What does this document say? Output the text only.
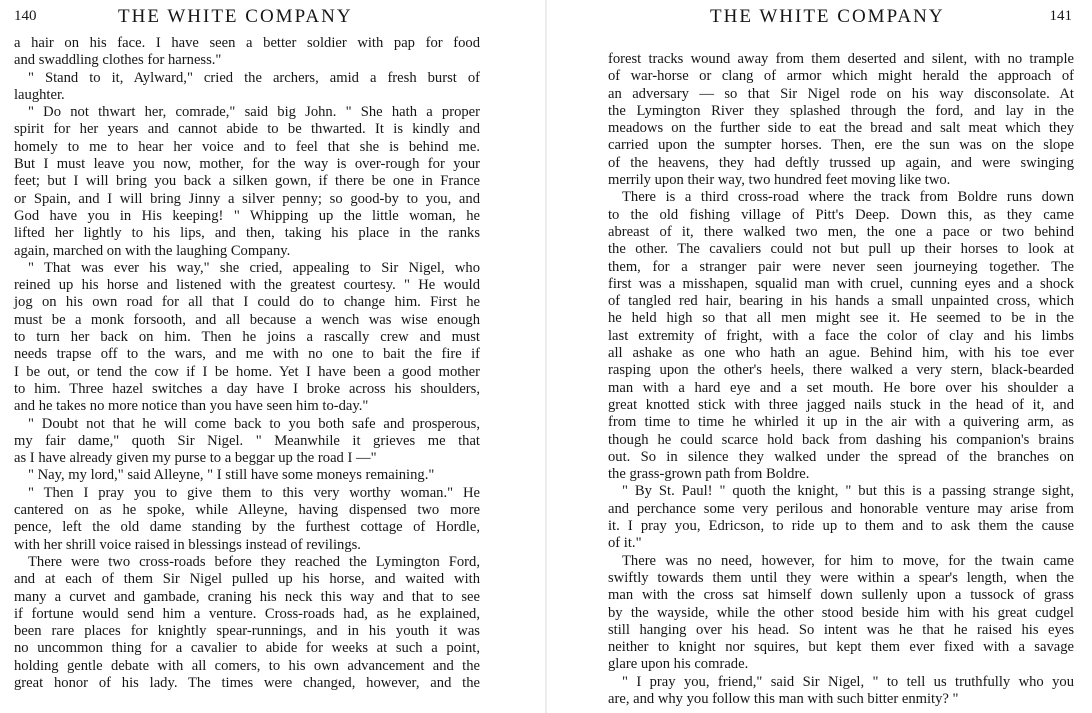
140	THE WHITE COMPANY
a hair on his face. I have seen a better soldier with pap for food
and swaddling clothes for harness."
" Stand to it, Aylward," cried the archers, amid a fresh burst of
laughter.
" Do not thwart her, comrade," said big John. " She hath a proper
spirit for her years and cannot abide to be thwarted. It is kindly and
homely to me to hear her voice and to feel that she is behind me.
But I must leave you now, mother, for the way is over-rough for your
feet; but I will bring you back a silken gown, if there be one in France
or Spain, and I will bring Jinny a silver penny; so good-by to you, and
God have you in His keeping! " Whipping up the little woman, he
lifted her lightly to his lips, and then, taking his place in the ranks
again, marched on with the laughing Company.
" That was ever his way," she cried, appealing to Sir Nigel, who
reined up his horse and listened with the greatest courtesy. " He would
jog on his own road for all that I could do to change him. First he
must be a monk forsooth, and all because a wench was wise enough
to turn her back on him. Then he joins a rascally crew and must
needs trapse off to the wars, and me with no one to bait the fire if
I be out, or tend the cow if I be home. Yet I have been a good mother
to him. Three hazel switches a day have I broke across his shoulders,
and he takes no more notice than you have seen him to-day."
" Doubt not that he will come back to you both safe and prosperous,
my fair dame," quoth Sir Nigel. " Meanwhile it grieves me that
as I have already given my purse to a beggar up the road I —"
" Nay, my lord," said Alleyne, " I still have some moneys remaining."
" Then I pray you to give them to this very worthy woman." He
cantered on as he spoke, while Alleyne, having dispensed two more
pence, left the old dame standing by the furthest cottage of Hordle,
with her shrill voice raised in blessings instead of revilings.
There were two cross-roads before they reached the Lymington Ford,
and at each of them Sir Nigel pulled up his horse, and waited with
many a curvet and gambade, craning his neck this way and that to see
if fortune would send him a venture. Cross-roads had, as he explained,
been rare places for knightly spear-runnings, and in his youth it was
no uncommon thing for a cavalier to abide for weeks at such a point,
holding gentle debate with all comers, to his own advancement and the
great honor of his lady. The times were changed, however, and the
THE WHITE COMPANY	141
forest tracks wound away from them deserted and silent, with no trample
of war-horse or clang of armor which might herald the approach of
an adversary — so that Sir Nigel rode on his way disconsolate. At
the Lymington River they splashed through the ford, and lay in the
meadows on the further side to eat the bread and salt meat which they
carried upon the sumpter horses. Then, ere the sun was on the slope
of the heavens, they had deftly trussed up again, and were swinging
merrily upon their way, two hundred feet moving like two.
There is a third cross-road where the track from Boldre runs down
to the old fishing village of Pitt's Deep. Down this, as they came
abreast of it, there walked two men, the one a pace or two behind
the other. The cavaliers could not but pull up their horses to look at
them, for a stranger pair were never seen journeying together. The
first was a misshapen, squalid man with cruel, cunning eyes and a shock
of tangled red hair, bearing in his hands a small unpainted cross, which
he held high so that all men might see it. He seemed to be in the
last extremity of fright, with a face the color of clay and his limbs
all ashake as one who hath an ague. Behind him, with his toe ever
rasping upon the other's heels, there walked a very stern, black-bearded
man with a hard eye and a set mouth. He bore over his shoulder a
great knotted stick with three jagged nails stuck in the head of it, and
from time to time he whirled it up in the air with a quivering arm, as
though he could scarce hold back from dashing his companion's brains
out. So in silence they walked under the spread of the branches on
the grass-grown path from Boldre.
" By St. Paul! " quoth the knight, " but this is a passing strange sight,
and perchance some very perilous and honorable venture may arise from
it. I pray you, Edricson, to ride up to them and to ask them the cause
of it."
There was no need, however, for him to move, for the twain came
swiftly towards them until they were within a spear's length, when the
man with the cross sat himself down sullenly upon a tussock of grass
by the wayside, while the other stood beside him with his great cudgel
still hanging over his head. So intent was he that he raised his eyes
neither to knight nor squires, but kept them ever fixed with a savage
glare upon his comrade.
" I pray you, friend," said Sir Nigel, " to tell us truthfully who you
are, and why you follow this man with such bitter enmity? "
